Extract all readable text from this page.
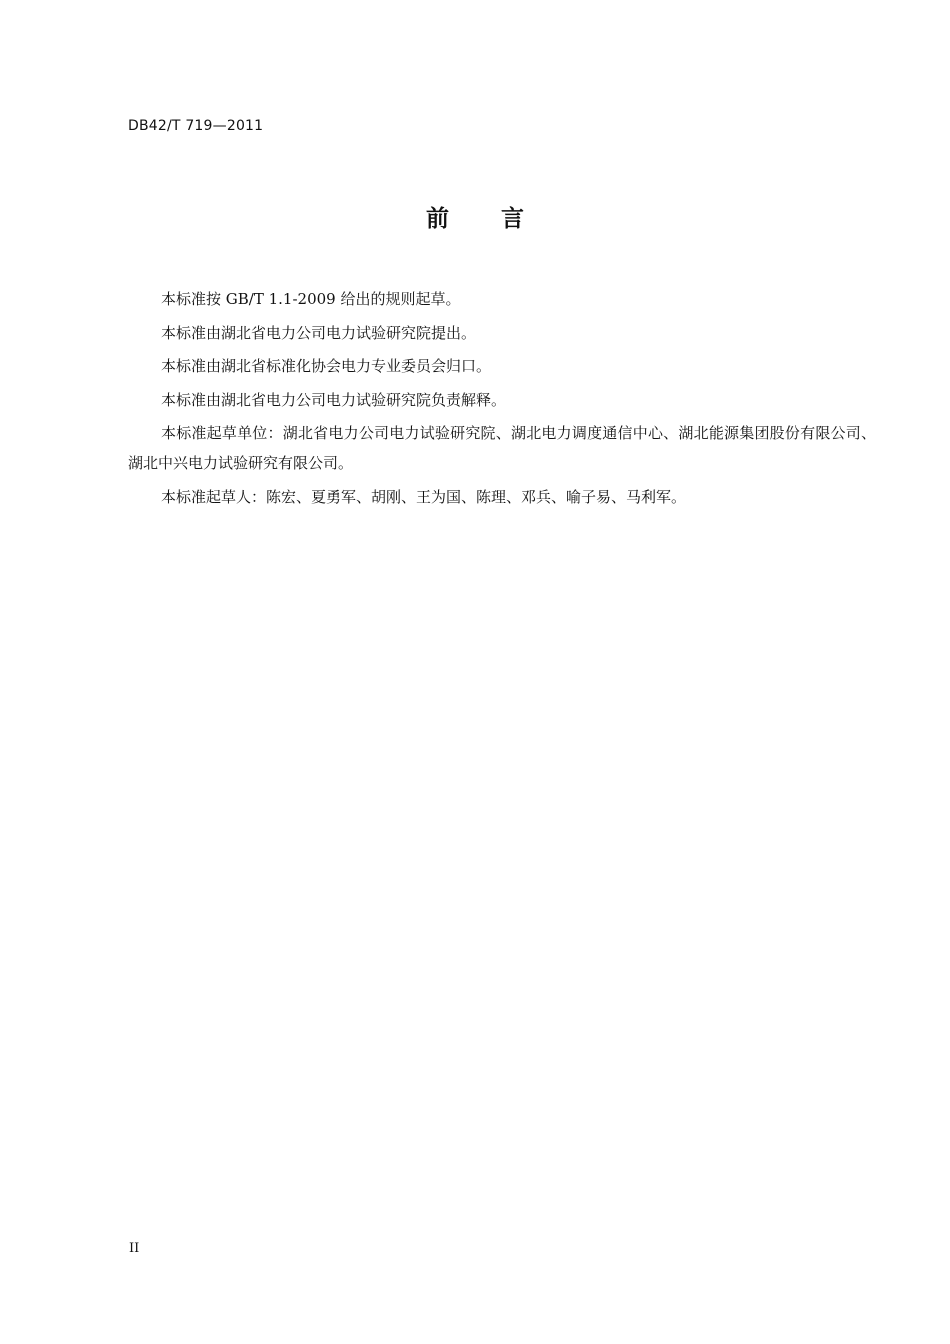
DB42/T 719—2011
前言

本标准按 GB/T 1.1-2009 给出的规则起草。

本标准由湖北省电力公司电力试验研究院提出。

本标准由湖北省标准化协会电力专业委员会归口。

本标准由湖北省电力公司电力试验研究院负责解释。

本标准起草单位：湖北省电力公司电力试验研究院、湖北电力调度通信中心、湖北能源集团股份有限公司、湖北中兴电力试验研究有限公司。

本标准起草人：陈宏、夏勇军、胡刚、王为国、陈理、邓兵、喻子易、马利军。

II
